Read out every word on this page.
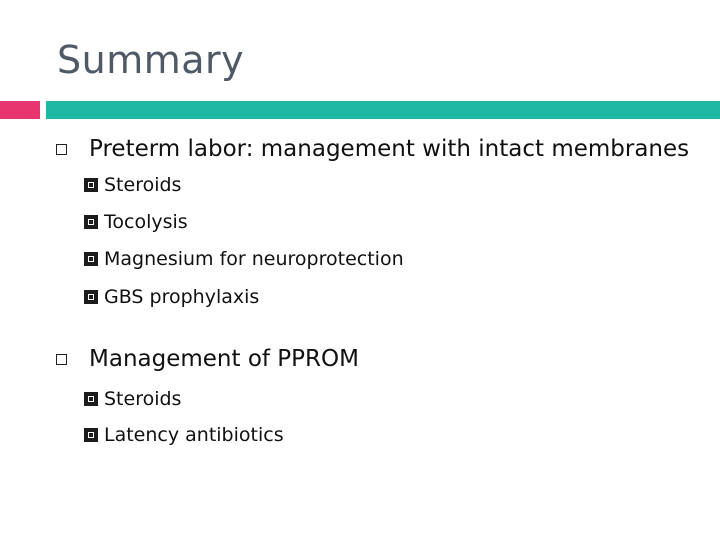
Summary
Preterm labor: management with intact membranes
Steroids
Tocolysis
Magnesium for neuroprotection
GBS prophylaxis
Management of PPROM
Steroids
Latency antibiotics
